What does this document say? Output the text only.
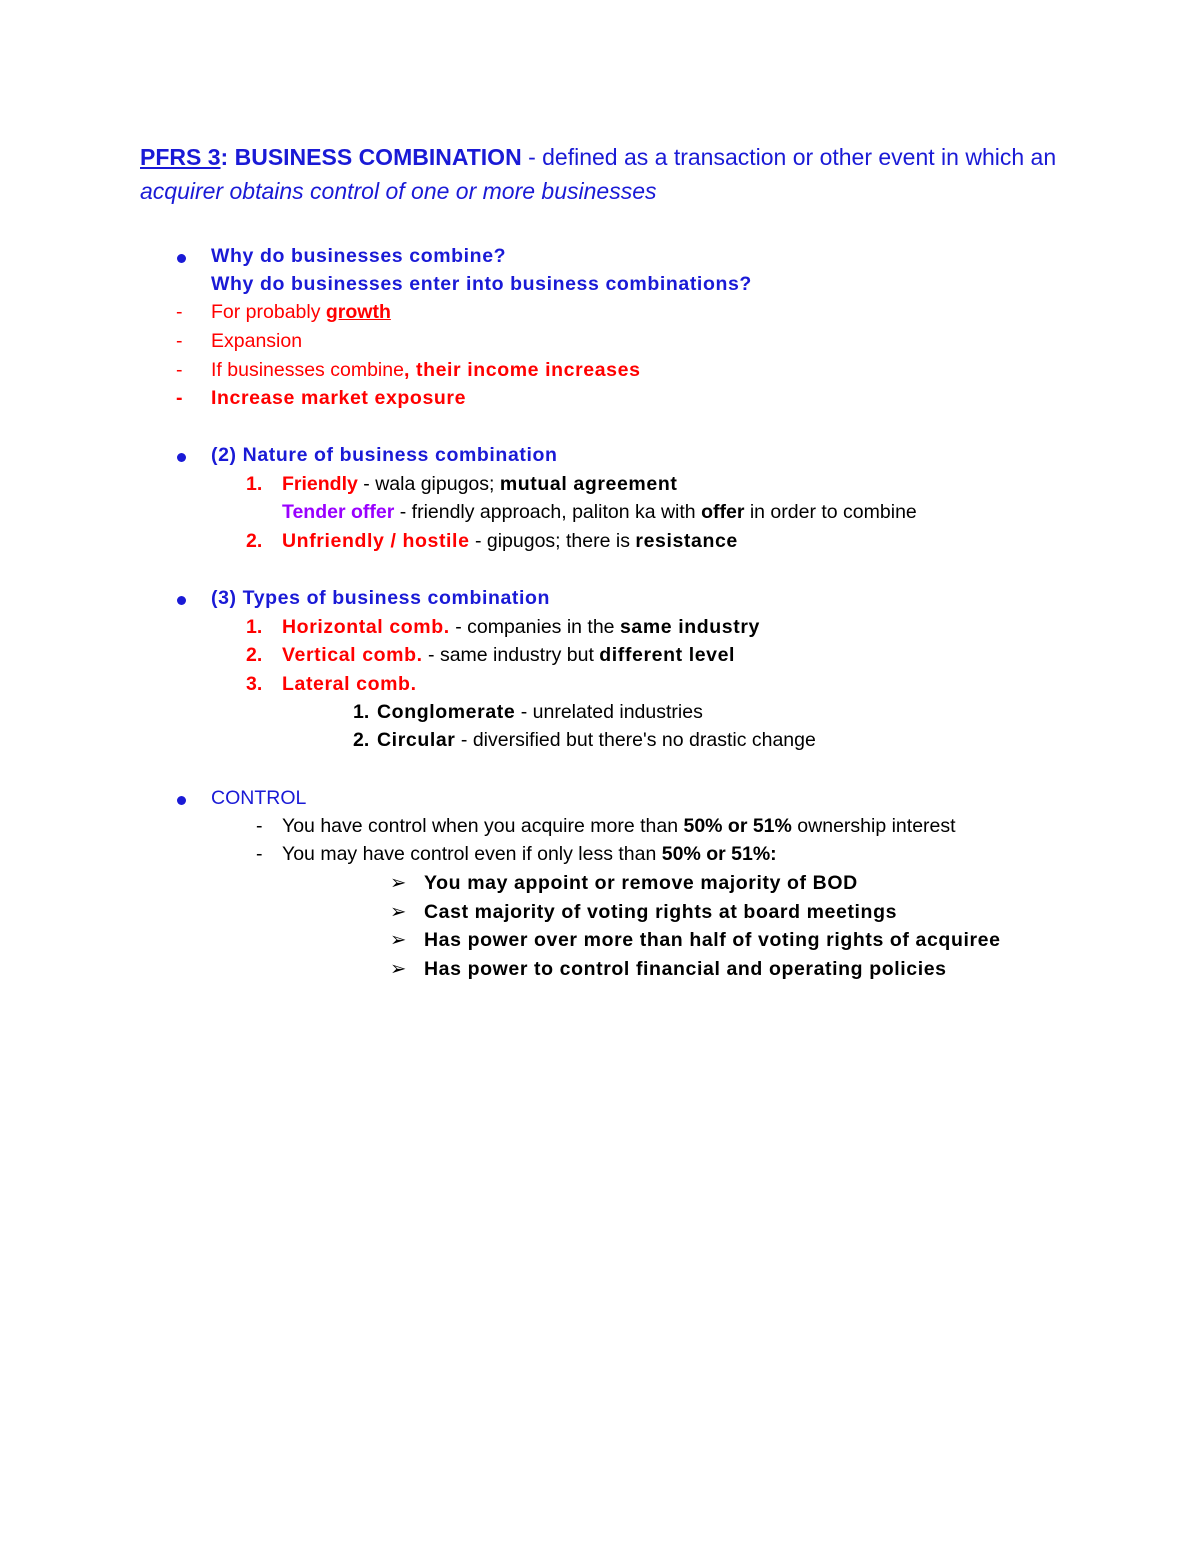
PFRS 3: BUSINESS COMBINATION - defined as a transaction or other event in which an acquirer obtains control of one or more businesses
Why do businesses combine?
Why do businesses enter into business combinations?
- For probably growth
- Expansion
- If businesses combine, their income increases
- Increase market exposure
(2) Nature of business combination
1. Friendly - wala gipugos; mutual agreement
Tender offer - friendly approach, paliton ka with offer in order to combine
2. Unfriendly / hostile - gipugos; there is resistance
(3) Types of business combination
1. Horizontal comb. - companies in the same industry
2. Vertical comb. - same industry but different level
3. Lateral comb.
1. Conglomerate - unrelated industries
2. Circular - diversified but there's no drastic change
CONTROL
- You have control when you acquire more than 50% or 51% ownership interest
- You may have control even if only less than 50% or 51%:
➢ You may appoint or remove majority of BOD
➢ Cast majority of voting rights at board meetings
➢ Has power over more than half of voting rights of acquiree
➢ Has power to control financial and operating policies
